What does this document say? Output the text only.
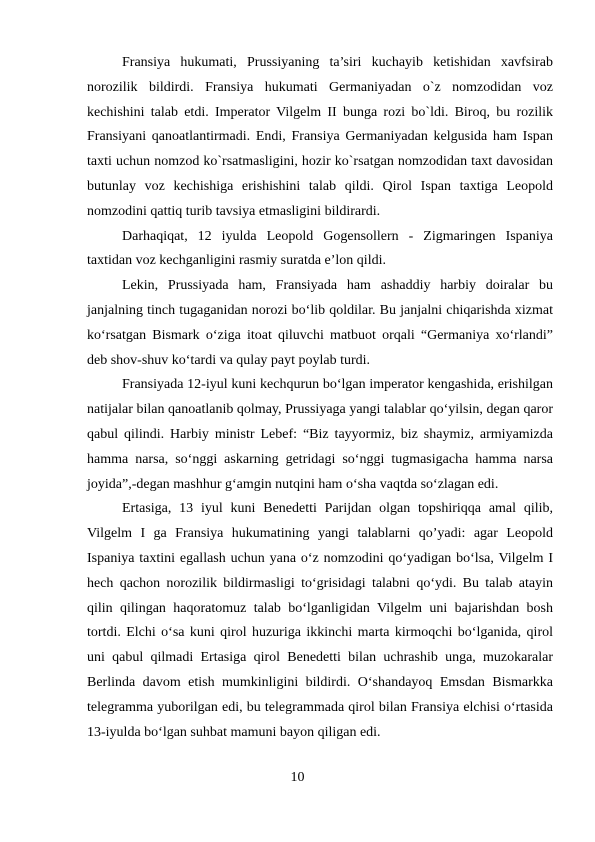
Fransiya hukumati, Prussiyaning ta’siri kuchayib ketishidan xavfsirab norozilik bildirdi. Fransiya hukumati Germaniyadan o`z nomzodidan voz kechishini talab etdi. Imperator Vilgelm II bunga rozi bo`ldi. Biroq, bu rozilik Fransiyani qanoatlantirmadi. Endi, Fransiya Germaniyadan kelgusida ham Ispan taxti uchun nomzod ko`rsatmasligini, hozir ko`rsatgan nomzodidan taxt davosidan butunlay voz kechishiga erishishini talab qildi. Qirol Ispan taxtiga Leopold nomzodini qattiq turib tavsiya etmasligini bildirardi.

Darhaqiqat, 12 iyulda Leopold Gogensollern - Zigmaringen Ispaniya taxtidan voz kechganligini rasmiy suratda e’lon qildi.

Lekin, Prussiyada ham, Fransiyada ham ashaddiy harbiy doiralar bu janjalning tinch tugaganidan norozi bo‘lib qoldilar. Bu janjalni chiqarishda xizmat ko‘rsatgan Bismark o‘ziga itoat qiluvchi matbuot orqali “Germaniya xo‘rlandi” deb shov-shuv ko‘tardi va qulay payt poylab turdi.

Fransiyada 12-iyul kuni kechqurun bo‘lgan imperator kengashida, erishilgan natijalar bilan qanoatlanib qolmay, Prussiyaga yangi talablar qo‘yilsin, degan qaror qabul qilindi. Harbiy ministr Lebef: “Biz tayyormiz, biz shaymiz, armiyamizda hamma narsa, so‘nggi askarning getridagi so‘nggi tugmasigacha hamma narsa joyida”,-degan mashhur g‘amgin nutqini ham o‘sha vaqtda so‘zlagan edi.

Ertasiga, 13 iyul kuni Benedetti Parijdan olgan topshiriqqa amal qilib, Vilgelm I ga Fransiya hukumatining yangi talablarni qo’yadi: agar Leopold Ispaniya taxtini egallash uchun yana o‘z nomzodini qo‘yadigan bo‘lsa, Vilgelm I hech qachon norozilik bildirmasligi to‘grisidagi talabni qo‘ydi. Bu talab atayin qilin qilingan haqoratomuz talab bo‘lganligidan Vilgelm uni bajarishdan bosh tortdi. Elchi o‘sa kuni qirol huzuriga ikkinchi marta kirmoqchi bo‘lganida, qirol uni qabul qilmadi Ertasiga qirol Benedetti bilan uchrashib unga, muzokaralar Berlinda davom etish mumkinligini bildirdi. O‘shandayoq Emsdan Bismarkka telegramma yuborilgan edi, bu telegrammada qirol bilan Fransiya elchisi o‘rtasida 13-iyulda bo‘lgan suhbat mamuni bayon qiligan edi.

10
